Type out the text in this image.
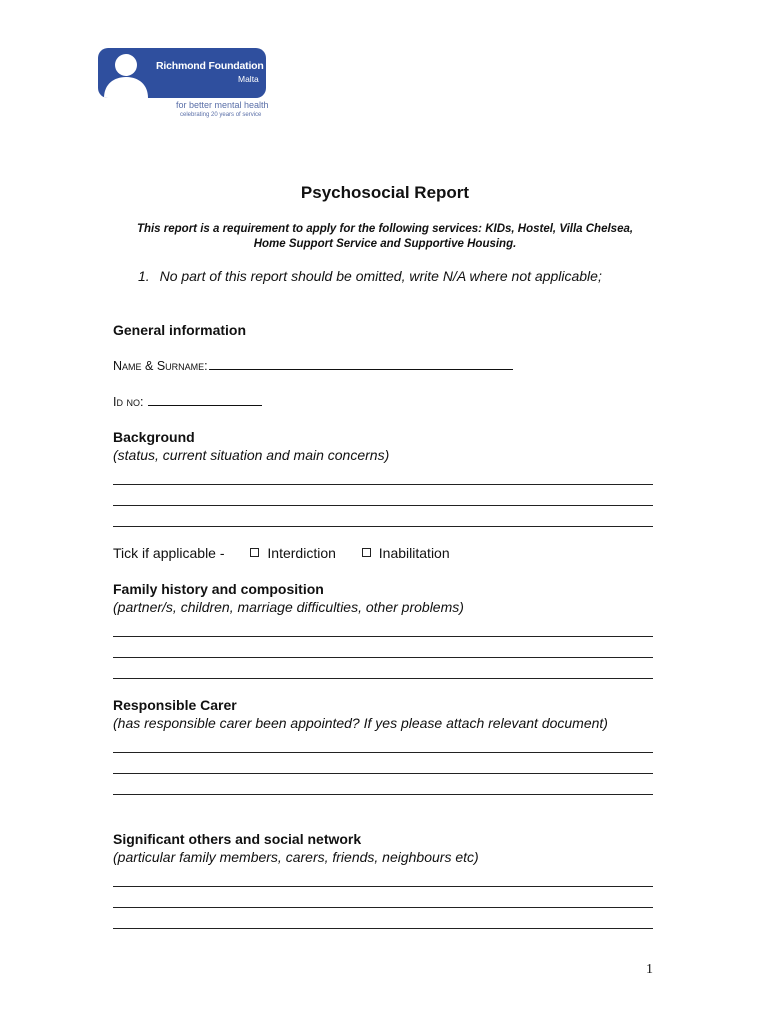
Richmond Foundation
Malta
for better mental health
celebrating 20 years of service
Psychosocial Report
This report is a requirement to apply for the following services: KIDs, Hostel, Villa Chelsea,
Home Support Service and Supportive Housing.
1. No part of this report should be omitted, write N/A where not applicable;
General information
Name & Surname:
Id no:
Background
(status, current situation and main concerns)
Tick if applicable -	Interdiction	Inabilitation
Family history and composition
(partner/s, children, marriage difficulties, other problems)
Responsible Carer
(has responsible carer been appointed? If yes please attach relevant document)
Significant others and social network
(particular family members, carers, friends, neighbours etc)
1
